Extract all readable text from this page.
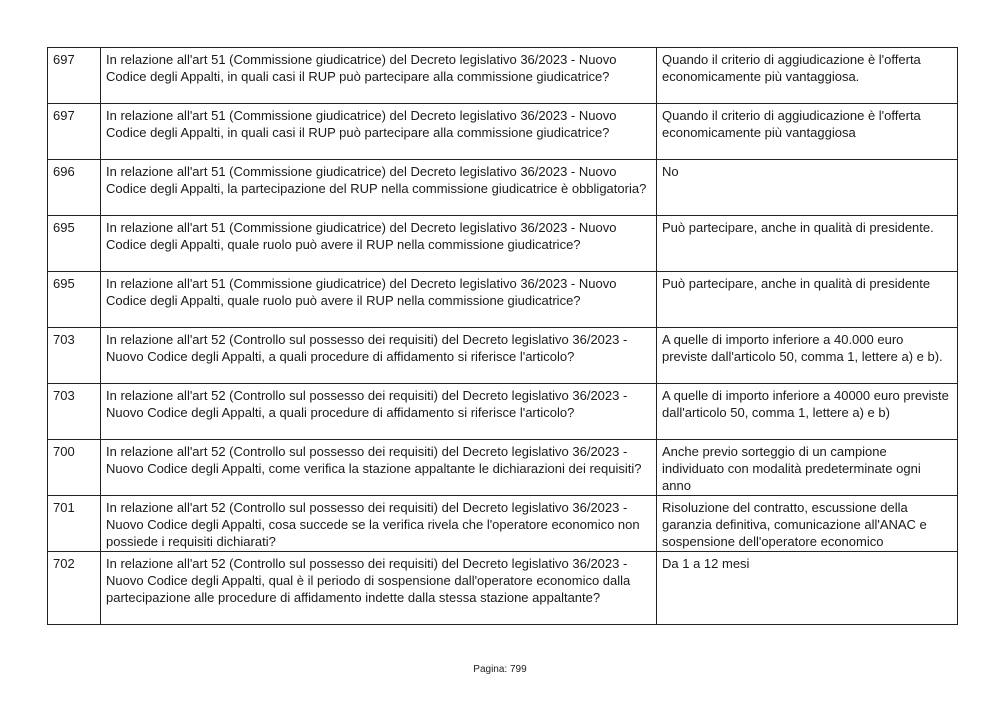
697	In relazione all'art 51 (Commissione giudicatrice) del Decreto legislativo 36/2023 - Nuovo Codice degli Appalti, in quali casi il RUP può partecipare alla commissione giudicatrice?	Quando il criterio di aggiudicazione è l'offerta economicamente più vantaggiosa.
697	In relazione all'art 51 (Commissione giudicatrice) del Decreto legislativo 36/2023 - Nuovo Codice degli Appalti, in quali casi il RUP può partecipare alla commissione giudicatrice?	Quando il criterio di aggiudicazione è l'offerta economicamente più vantaggiosa
696	In relazione all'art 51 (Commissione giudicatrice) del Decreto legislativo 36/2023 - Nuovo Codice degli Appalti, la partecipazione del RUP nella commissione giudicatrice è obbligatoria?	No
695	In relazione all'art 51 (Commissione giudicatrice) del Decreto legislativo 36/2023 - Nuovo Codice degli Appalti, quale ruolo può avere il RUP nella commissione giudicatrice?	Può partecipare, anche in qualità di presidente.
695	In relazione all'art 51 (Commissione giudicatrice) del Decreto legislativo 36/2023 - Nuovo Codice degli Appalti, quale ruolo può avere il RUP nella commissione giudicatrice?	Può partecipare, anche in qualità di presidente
703	In relazione all'art 52 (Controllo sul possesso dei requisiti) del Decreto legislativo 36/2023 - Nuovo Codice degli Appalti, a quali procedure di affidamento si riferisce l'articolo?	A quelle di importo inferiore a 40.000 euro previste dall'articolo 50, comma 1, lettere a) e b).
703	In relazione all'art 52 (Controllo sul possesso dei requisiti) del Decreto legislativo 36/2023 - Nuovo Codice degli Appalti, a quali procedure di affidamento si riferisce l'articolo?	A quelle di importo inferiore a 40000 euro previste dall'articolo 50, comma 1, lettere a) e b)
700	In relazione all'art 52 (Controllo sul possesso dei requisiti) del Decreto legislativo 36/2023 - Nuovo Codice degli Appalti, come verifica la stazione appaltante le dichiarazioni dei requisiti?	Anche previo sorteggio di un campione individuato con modalità predeterminate ogni anno
701	In relazione all'art 52 (Controllo sul possesso dei requisiti) del Decreto legislativo 36/2023 - Nuovo Codice degli Appalti, cosa succede se la verifica rivela che l'operatore economico non possiede i requisiti dichiarati?	Risoluzione del contratto, escussione della garanzia definitiva, comunicazione all'ANAC e sospensione dell'operatore economico
702	In relazione all'art 52 (Controllo sul possesso dei requisiti) del Decreto legislativo 36/2023 - Nuovo Codice degli Appalti, qual è il periodo di sospensione dall'operatore economico dalla partecipazione alle procedure di affidamento indette dalla stessa stazione appaltante?	Da 1 a 12 mesi
Pagina: 799
